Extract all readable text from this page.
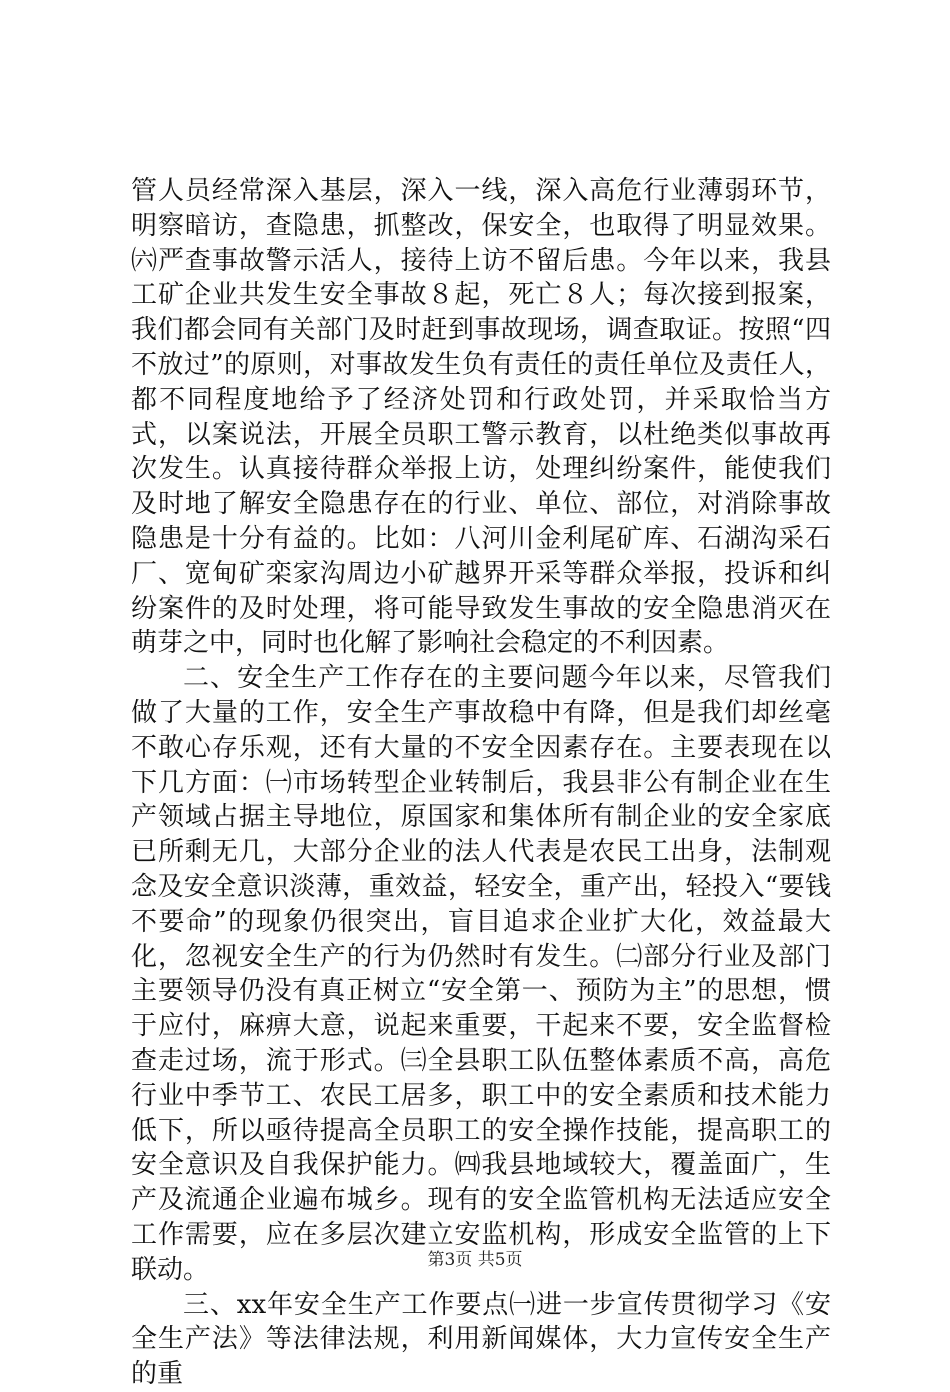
管人员经常深入基层，深入一线，深入高危行业薄弱环节，明察暗访，查隐患，抓整改，保安全，也取得了明显效果。㈥严查事故警示活人，接待上访不留后患。今年以来，我县工矿企业共发生安全事故８起，死亡８人；每次接到报案，我们都会同有关部门及时赶到事故现场，调查取证。按照“四不放过”的原则，对事故发生负有责任的责任单位及责任人，都不同程度地给予了经济处罚和行政处罚，并采取恰当方式，以案说法，开展全员职工警示教育，以杜绝类似事故再次发生。认真接待群众举报上访，处理纠纷案件，能使我们及时地了解安全隐患存在的行业、单位、部位，对消除事故隐患是十分有益的。比如：八河川金利尾矿库、石湖沟采石厂、宽甸矿栾家沟周边小矿越界开采等群众举报，投诉和纠纷案件的及时处理，将可能导致发生事故的安全隐患消灭在萌芽之中，同时也化解了影响社会稳定的不利因素。

二、安全生产工作存在的主要问题今年以来，尽管我们做了大量的工作，安全生产事故稳中有降，但是我们却丝毫不敢心存乐观，还有大量的不安全因素存在。主要表现在以下几方面：㈠市场转型企业转制后，我县非公有制企业在生产领域占据主导地位，原国家和集体所有制企业的安全家底已所剩无几，大部分企业的法人代表是农民工出身，法制观念及安全意识淡薄，重效益，轻安全，重产出，轻投入“要钱不要命”的现象仍很突出，盲目追求企业扩大化，效益最大化，忽视安全生产的行为仍然时有发生。㈡部分行业及部门主要领导仍没有真正树立“安全第一、预防为主”的思想，惯于应付，麻痹大意，说起来重要，干起来不要，安全监督检查走过场，流于形式。㈢全县职工队伍整体素质不高，高危行业中季节工、农民工居多，职工中的安全素质和技术能力低下，所以亟待提高全员职工的安全操作技能，提高职工的安全意识及自我保护能力。㈣我县地域较大，覆盖面广，生产及流通企业遍布城乡。现有的安全监管机构无法适应安全工作需要，应在多层次建立安监机构，形成安全监管的上下联动。

三、xx年安全生产工作要点㈠进一步宣传贯彻学习《安全生产法》等法律法规，利用新闻媒体，大力宣传安全生产的重

第3页 共5页
